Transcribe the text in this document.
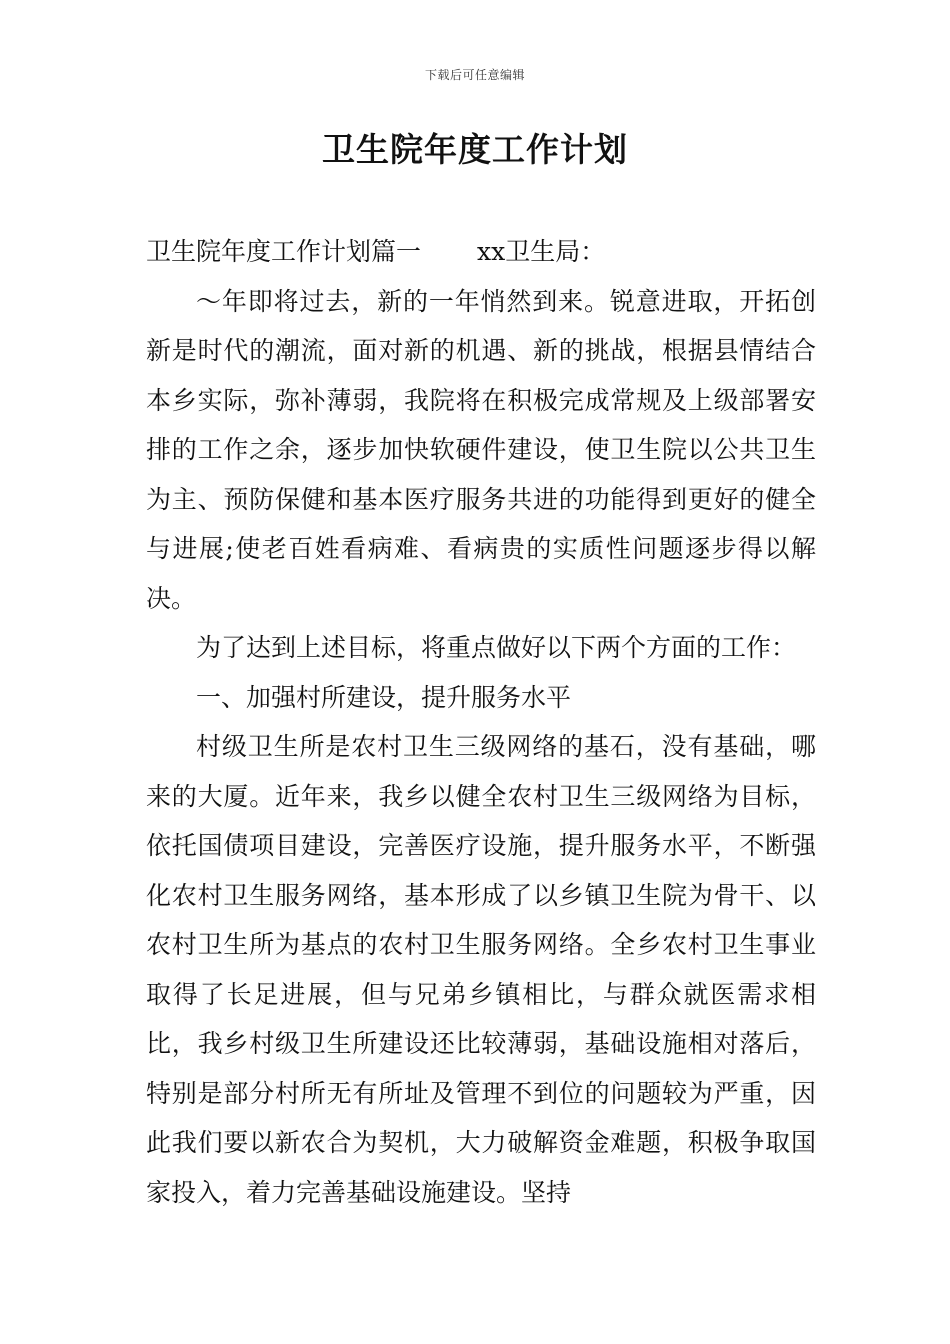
下载后可任意编辑
卫生院年度工作计划

卫生院年度工作计划篇一 xx卫生局：

～年即将过去，新的一年悄然到来。锐意进取，开拓创新是时代的潮流，面对新的机遇、新的挑战，根据县情结合本乡实际，弥补薄弱，我院将在积极完成常规及上级部署安排的工作之余，逐步加快软硬件建设，使卫生院以公共卫生为主、预防保健和基本医疗服务共进的功能得到更好的健全与进展;使老百姓看病难、看病贵的实质性问题逐步得以解决。

为了达到上述目标，将重点做好以下两个方面的工作：

一、加强村所建设，提升服务水平

村级卫生所是农村卫生三级网络的基石，没有基础，哪来的大厦。近年来，我乡以健全农村卫生三级网络为目标，依托国债项目建设，完善医疗设施，提升服务水平，不断强化农村卫生服务网络，基本形成了以乡镇卫生院为骨干、以农村卫生所为基点的农村卫生服务网络。全乡农村卫生事业取得了长足进展，但与兄弟乡镇相比，与群众就医需求相比，我乡村级卫生所建设还比较薄弱，基础设施相对落后，特别是部分村所无有所址及管理不到位的问题较为严重，因此我们要以新农合为契机，大力破解资金难题，积极争取国家投入，着力完善基础设施建设。坚持
